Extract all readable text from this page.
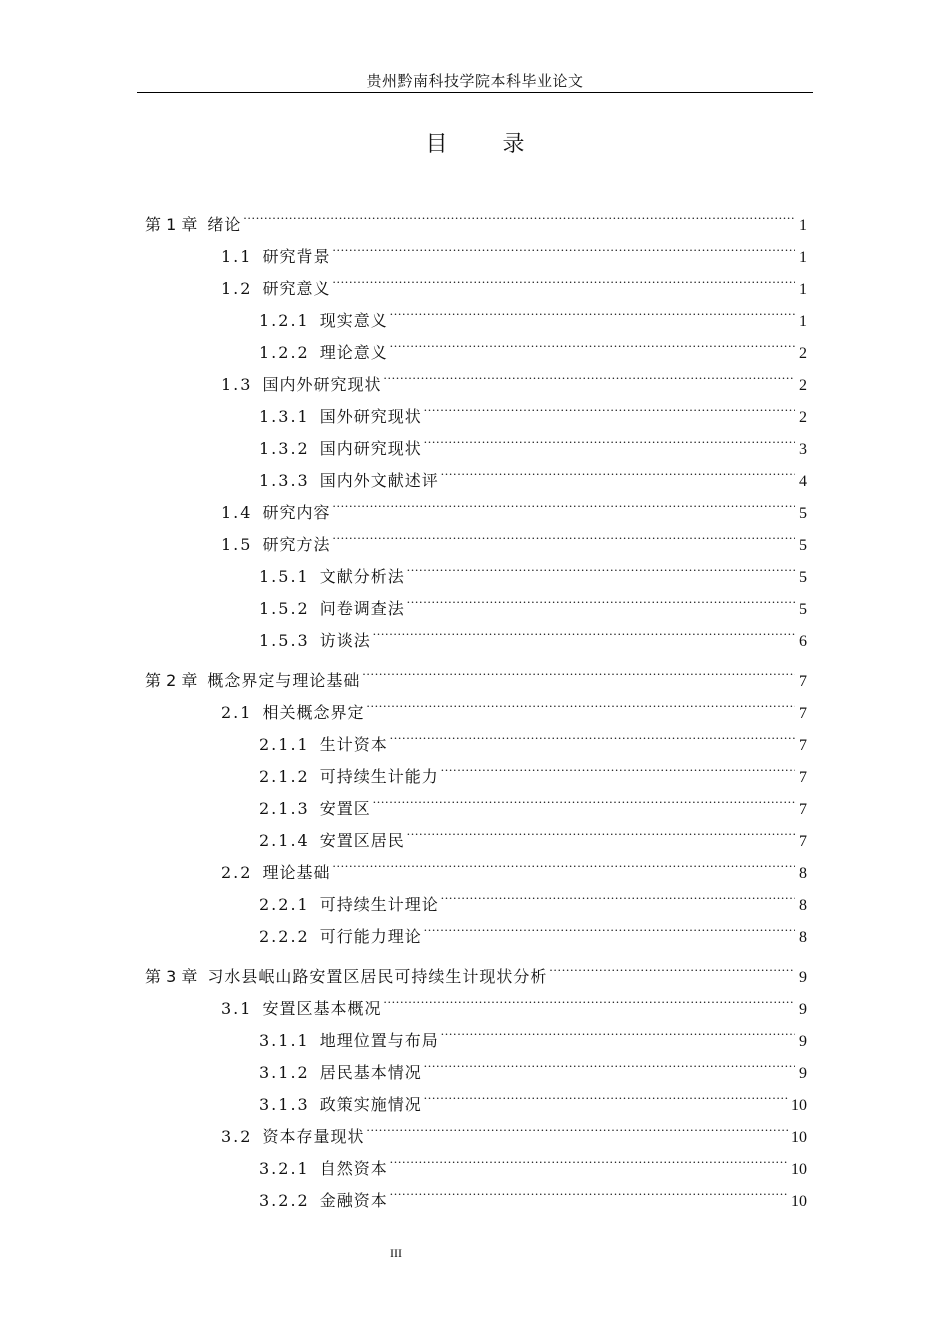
贵州黔南科技学院本科毕业论文
目 录
第 1 章 绪论 .....	1
1.1 研究背景 .....	1
1.2 研究意义 .....	1
1.2.1 现实意义 .....	1
1.2.2 理论意义 .....	2
1.3 国内外研究现状 .....	2
1.3.1 国外研究现状 .....	2
1.3.2 国内研究现状 .....	3
1.3.3 国内外文献述评 .....	4
1.4 研究内容 .....	5
1.5 研究方法 .....	5
1.5.1 文献分析法 .....	5
1.5.2 问卷调查法 .....	5
1.5.3 访谈法 .....	6
第 2 章 概念界定与理论基础 .....	7
2.1 相关概念界定 .....	7
2.1.1 生计资本 .....	7
2.1.2 可持续生计能力 .....	7
2.1.3 安置区 .....	7
2.1.4 安置区居民 .....	7
2.2 理论基础 .....	8
2.2.1 可持续生计理论 .....	8
2.2.2 可行能力理论 .....	8
第 3 章 习水县岷山路安置区居民可持续生计现状分析 .....	9
3.1 安置区基本概况 .....	9
3.1.1 地理位置与布局 .....	9
3.1.2 居民基本情况 .....	9
3.1.3 政策实施情况 .....	10
3.2 资本存量现状 .....	10
3.2.1 自然资本 .....	10
3.2.2 金融资本 .....	10
III
